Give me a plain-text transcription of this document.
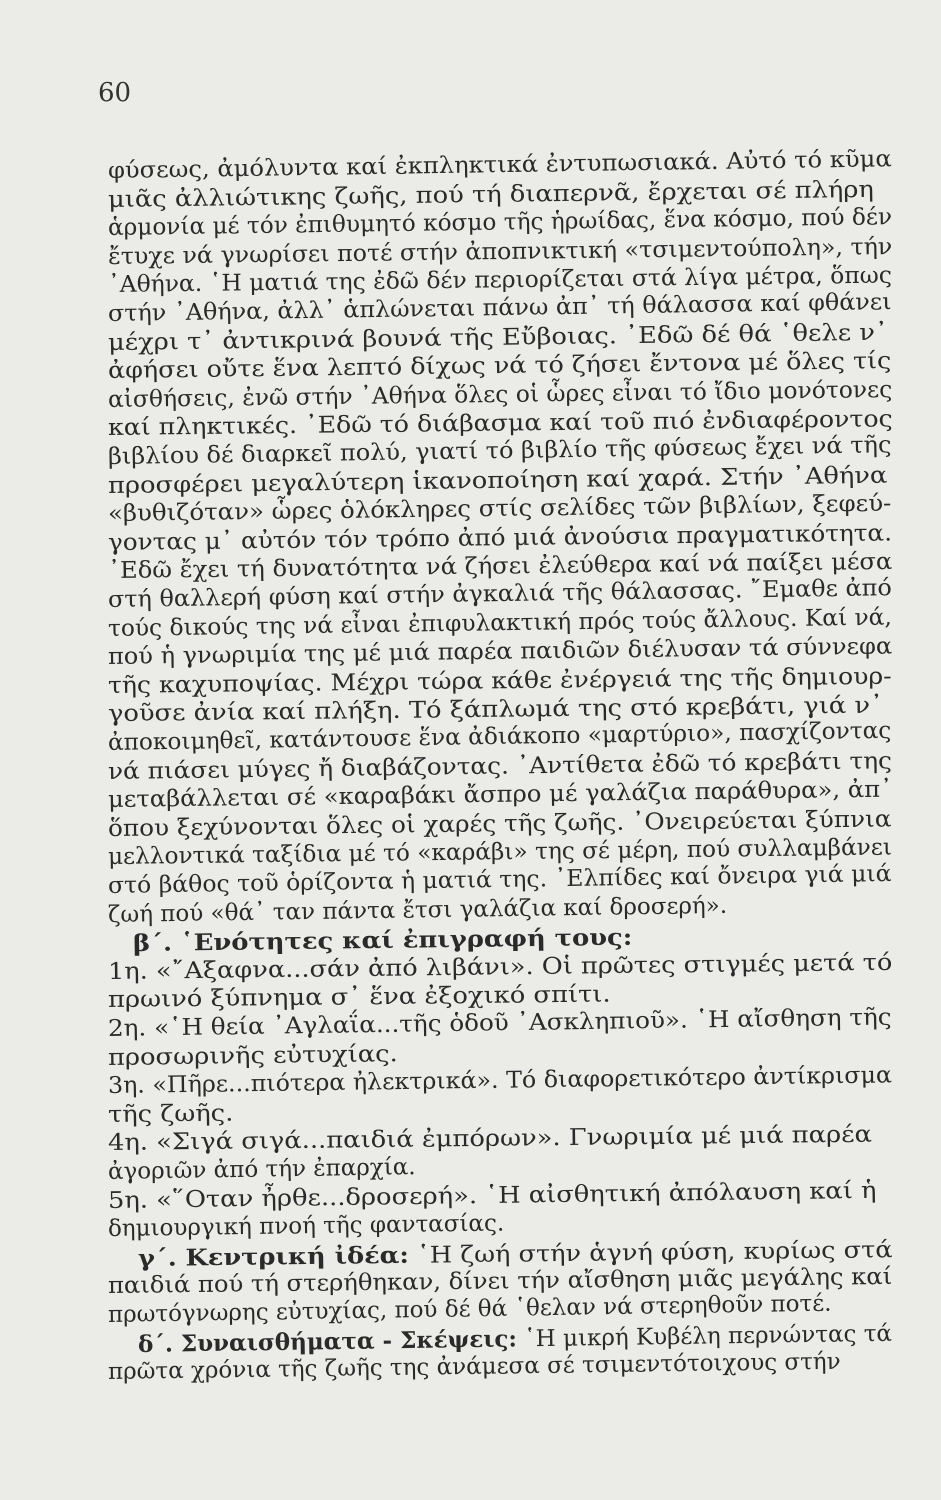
60
φύσεως, ἀμόλυντα καί ἐκπληκτικά ἐντυπωσιακά. Αὐτό τό κῦμα
μιᾶς ἀλλιώτικης ζωῆς, πού τή διαπερνᾶ, ἔρχεται σέ πλήρη
ἁρμονία μέ τόν ἐπιθυμητό κόσμο τῆς ἡρωίδας, ἕνα κόσμο, πού δέν
ἔτυχε νά γνωρίσει ποτέ στήν ἀποπνικτική «τσιμεντούπολη», τήν
᾿Αθήνα. ῾Η ματιά της ἐδῶ δέν περιορίζεται στά λίγα μέτρα, ὅπως
στήν ᾿Αθήνα, ἀλλ᾿ ἁπλώνεται πάνω ἀπ᾿ τή θάλασσα καί φθάνει
μέχρι τ᾿ ἀντικρινά βουνά τῆς Εὔβοιας. ᾿Εδῶ δέ θά ῾θελε ν᾿
ἀφήσει οὔτε ἕνα λεπτό δίχως νά τό ζήσει ἔντονα μέ ὅλες τίς
αἰσθήσεις, ἐνῶ στήν ᾿Αθήνα ὅλες οἱ ὧρες εἶναι τό ἴδιο μονότονες
καί πληκτικές. ᾿Εδῶ τό διάβασμα καί τοῦ πιό ἐνδιαφέροντος
βιβλίου δέ διαρκεῖ πολύ, γιατί τό βιβλίο τῆς φύσεως ἔχει νά τῆς
προσφέρει μεγαλύτερη ἱκανοποίηση καί χαρά. Στήν ᾿Αθήνα
«βυθιζόταν» ὧρες ὁλόκληρες στίς σελίδες τῶν βιβλίων, ξεφεύ-
γοντας μ᾿ αὐτόν τόν τρόπο ἀπό μιά ἀνούσια πραγματικότητα.
᾿Εδῶ ἔχει τή δυνατότητα νά ζήσει ἐλεύθερα καί νά παίξει μέσα
στή θαλλερή φύση καί στήν ἀγκαλιά τῆς θάλασσας. ῎Εμαθε ἀπό
τούς δικούς της νά εἶναι ἐπιφυλακτική πρός τούς ἄλλους. Καί νά,
πού ἡ γνωριμία της μέ μιά παρέα παιδιῶν διέλυσαν τά σύννεφα
τῆς καχυποψίας. Μέχρι τώρα κάθε ἐνέργειά της τῆς δημιουρ-
γοῦσε ἀνία καί πλήξη. Τό ξάπλωμά της στό κρεβάτι, γιά ν᾿
ἀποκοιμηθεῖ, κατάντουσε ἕνα ἀδιάκοπο «μαρτύριο», πασχίζοντας
νά πιάσει μύγες ἤ διαβάζοντας. ᾿Αντίθετα ἐδῶ τό κρεβάτι της
μεταβάλλεται σέ «καραβάκι ἄσπρο μέ γαλάζια παράθυρα», ἀπ᾿
ὅπου ξεχύνονται ὅλες οἱ χαρές τῆς ζωῆς. ᾿Ονειρεύεται ξύπνια
μελλοντικά ταξίδια μέ τό «καράβι» της σέ μέρη, πού συλλαμβάνει
στό βάθος τοῦ ὁρίζοντα ἡ ματιά της. ᾿Ελπίδες καί ὄνειρα γιά μιά
ζωή πού «θά᾿ ταν πάντα ἔτσι γαλάζια καί δροσερή».
β΄. ῾Ενότητες καί ἐπιγραφή τους:
1η. «῎Αξαφνα...σάν ἀπό λιβάνι». Οἱ πρῶτες στιγμές μετά τό
πρωινό ξύπνημα σ᾿ ἕνα ἐξοχικό σπίτι.
2η. «῾Η θεία ᾿Αγλαΐα...τῆς ὁδοῦ ᾿Ασκληπιοῦ». ῾Η αἴσθηση τῆς
προσωρινῆς εὐτυχίας.
3η. «Πῆρε...πιότερα ἠλεκτρικά». Τό διαφορετικότερο ἀντίκρισμα
τῆς ζωῆς.
4η. «Σιγά σιγά...παιδιά ἐμπόρων». Γνωριμία μέ μιά παρέα
ἀγοριῶν ἀπό τήν ἐπαρχία.
5η. «῞Οταν ἦρθε...δροσερή». ῾Η αἰσθητική ἀπόλαυση καί ἡ
δημιουργική πνοή τῆς φαντασίας.
γ΄. Κεντρική ἰδέα: ῾Η ζωή στήν ἁγνή φύση, κυρίως στά
παιδιά πού τή στερήθηκαν, δίνει τήν αἴσθηση μιᾶς μεγάλης καί
πρωτόγνωρης εὐτυχίας, πού δέ θά ῾θελαν νά στερηθοῦν ποτέ.
δ΄. Συναισθήματα - Σκέψεις: ῾Η μικρή Κυβέλη περνώντας τά
πρῶτα χρόνια τῆς ζωῆς της ἀνάμεσα σέ τσιμεντότοιχους στήν
